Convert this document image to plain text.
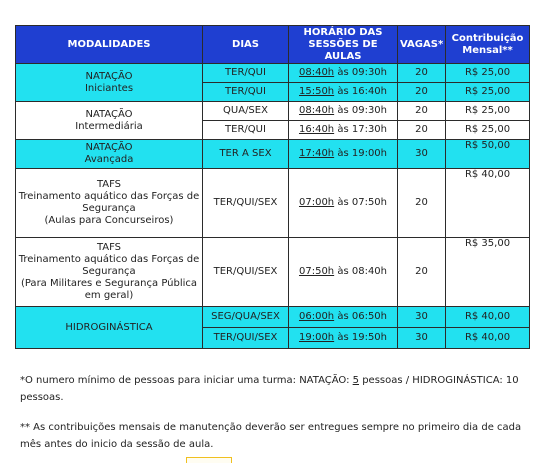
MODALIDADES	DIAS	HORÁRIO DAS SESSÕES DE AULAS	VAGAS*	Contribuição Mensal**

NATAÇÃO
Iniciantes	TER/QUI	08:40h às 09:30h	20	R$ 25,00
	TER/QUI	15:50h às 16:40h	20	R$ 25,00

NATAÇÃO
Intermediária	QUA/SEX	08:40h às 09:30h	20	R$ 25,00
	TER/QUI	16:40h às 17:30h	20	R$ 25,00

NATAÇÃO
Avançada	TER A SEX	17:40h às 19:00h	30	R$ 50,00

TAFS
Treinamento aquático das Forças de
Segurança
(Aulas para Concurseiros)	TER/QUI/SEX	07:00h às 07:50h	20	R$ 40,00

TAFS
Treinamento aquático das Forças de
Segurança
(Para Militares e Segurança Pública
em geral)	TER/QUI/SEX	07:50h às 08:40h	20	R$ 35,00

HIDROGINÁSTICA	SEG/QUA/SEX	06:00h às 06:50h	30	R$ 40,00
	TER/QUI/SEX	19:00h às 19:50h	30	R$ 40,00

*O numero mínimo de pessoas para iniciar uma turma: NATAÇÃO: 5 pessoas / HIDROGINÁSTICA: 10 pessoas.

** As contribuições mensais de manutenção deverão ser entregues sempre no primeiro dia de cada mês antes do inicio da sessão de aula.
